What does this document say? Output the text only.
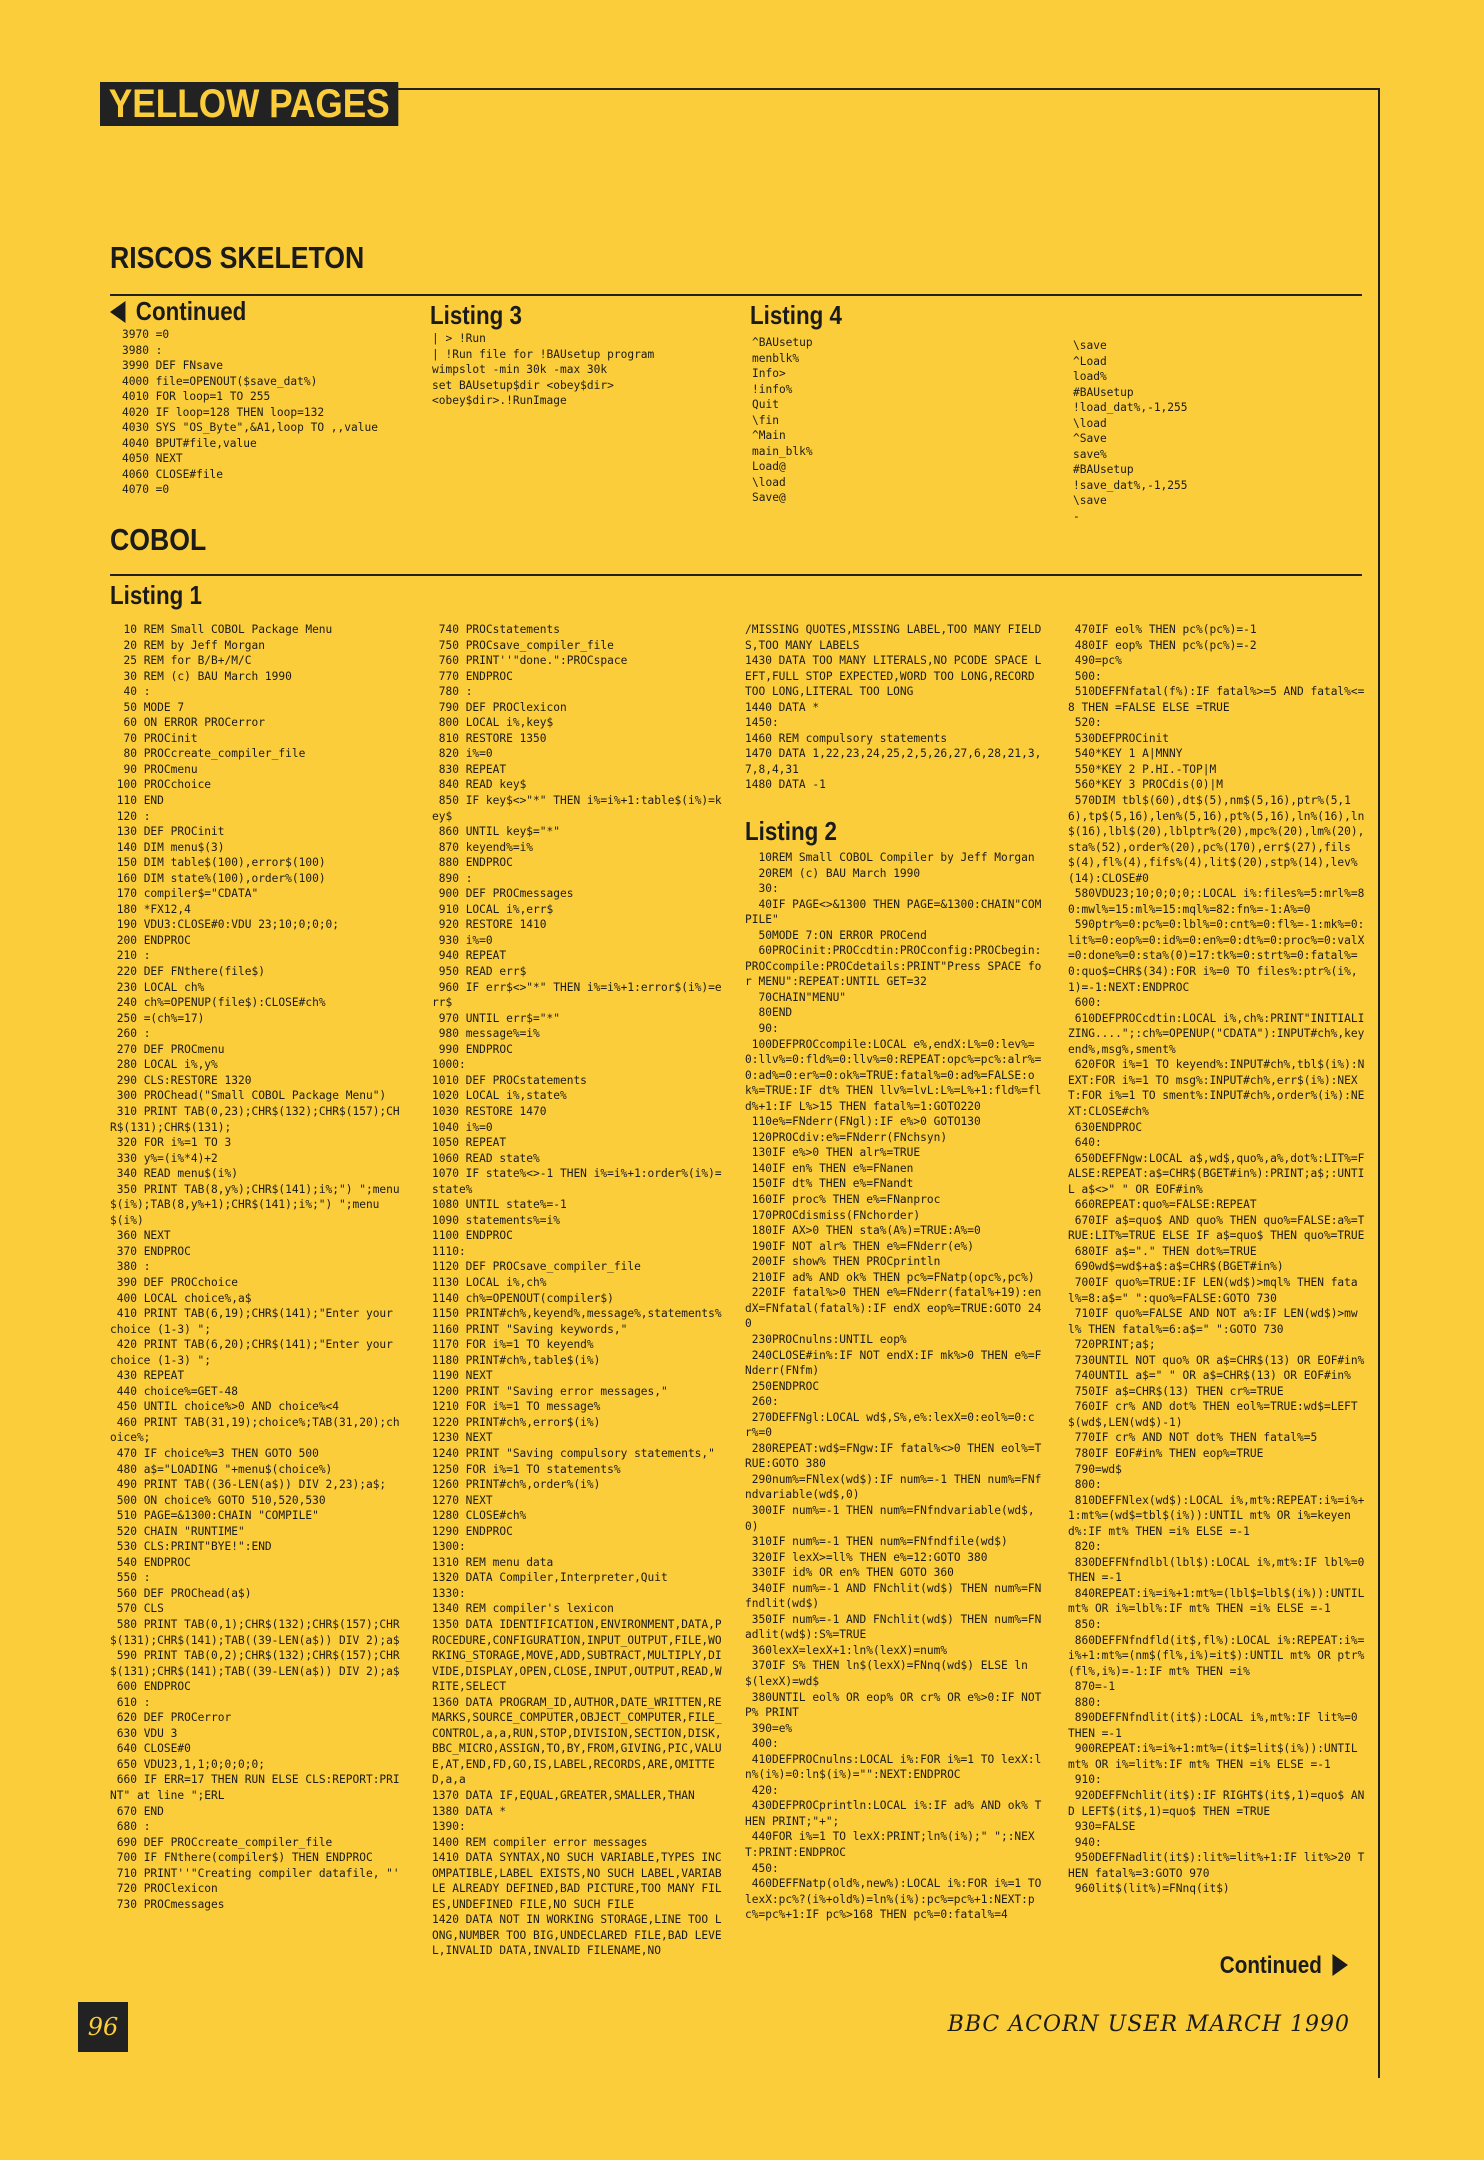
YELLOW PAGES
RISCOS SKELETON
Continued
3970 =0
3980 :
3990 DEF FNsave
4000 file=OPENOUT($save_dat%)
4010 FOR loop=1 TO 255
4020 IF loop=128 THEN loop=132
4030 SYS "OS_Byte",&A1,loop TO ,,value
4040 BPUT#file,value
4050 NEXT
4060 CLOSE#file
4070 =0
Listing 3
| > !Run
| !Run file for !BAUsetup program
wimpslot -min 30k -max 30k
set BAUsetup$dir <obey$dir>
<obey$dir>.!RunImage
Listing 4
^BAUsetup
menblk%
Info>
!info%
Quit
\fin
^Main
main_blk%
Load@
\load
Save@
\save
^Load
load%
#BAUsetup
!load_dat%,-1,255
\load
^Save
save%
#BAUsetup
!save_dat%,-1,255
\save
-
COBOL
Listing 1
10 REM Small COBOL Package Menu
20 REM by Jeff Morgan
25 REM for B/B+/M/C
30 REM (c) BAU March 1990
40 :
50 MODE 7
60 ON ERROR PROCerror
70 PROCinit
80 PROCcreate_compiler_file
90 PROCmenu
100 PROCchoice
110 END
120 :
130 DEF PROCinit
140 DIM menu$(3)
150 DIM table$(100),error$(100)
160 DIM state%(100),order%(100)
170 compiler$="CDATA"
180 *FX12,4
190 VDU3:CLOSE#0:VDU 23;10;0;0;0;
200 ENDPROC
210 :
220 DEF FNthere(file$)
230 LOCAL ch%
240 ch%=OPENUP(file$):CLOSE#ch%
250 =(ch%=17)
260 :
270 DEF PROCmenu
280 LOCAL i%,y%
290 CLS:RESTORE 1320
300 PROChead("Small COBOL Package Menu")
310 PRINT TAB(0,23);CHR$(132);CHR$(157);CHR$(131);CHR$(131);
320 FOR i%=1 TO 3
330 y%=(i%*4)+2
340 READ menu$(i%)
350 PRINT TAB(8,y%);CHR$(141);i%;") ";menu$(i%);TAB(8,y%+1);CHR$(141);i%;") ";menu$(i%)
360 NEXT
370 ENDPROC
380 :
390 DEF PROCchoice
400 LOCAL choice%,a$
410 PRINT TAB(6,19);CHR$(141);"Enter your choice (1-3) ";
420 PRINT TAB(6,20);CHR$(141);"Enter your choice (1-3) ";
430 REPEAT
440 choice%=GET-48
450 UNTIL choice%>0 AND choice%<4
460 PRINT TAB(31,19);choice%;TAB(31,20);choice%;
470 IF choice%=3 THEN GOTO 500
480 a$="LOADING "+menu$(choice%)
490 PRINT TAB((36-LEN(a$)) DIV 2,23);a$;
500 ON choice% GOTO 510,520,530
510 PAGE=&1300:CHAIN "COMPILE"
520 CHAIN "RUNTIME"
530 CLS:PRINT"BYE!":END
540 ENDPROC
550 :
560 DEF PROChead(a$)
570 CLS
580 PRINT TAB(0,1);CHR$(132);CHR$(157);CHR$(131);CHR$(141);TAB((39-LEN(a$)) DIV 2);a$
590 PRINT TAB(0,2);CHR$(132);CHR$(157);CHR$(131);CHR$(141);TAB((39-LEN(a$)) DIV 2);a$
600 ENDPROC
610 :
620 DEF PROCerror
630 VDU 3
640 CLOSE#0
650 VDU23,1,1;0;0;0;0;
660 IF ERR=17 THEN RUN ELSE CLS:REPORT:PRINT" at line ";ERL
670 END
680 :
690 DEF PROCcreate_compiler_file
700 IF FNthere(compiler$) THEN ENDPROC
710 PRINT''"Creating compiler datafile, "'
720 PROClexicon
730 PROCmessages
740 PROCstatements
750 PROCsave_compiler_file
760 PRINT''"done.":PROCspace
770 ENDPROC
780 :
790 DEF PROClexicon
800 LOCAL i%,key$
810 RESTORE 1350
820 i%=0
830 REPEAT
840 READ key$
850 IF key$<>"*" THEN i%=i%+1:table$(i%)=key$
860 UNTIL key$="*"
870 keyend%=i%
880 ENDPROC
890 :
900 DEF PROCmessages
910 LOCAL i%,err$
920 RESTORE 1410
930 i%=0
940 REPEAT
950 READ err$
960 IF err$<>"*" THEN i%=i%+1:error$(i%)=err$
970 UNTIL err$="*"
980 message%=i%
990 ENDPROC
1000:
1010 DEF PROCstatements
1020 LOCAL i%,state%
1030 RESTORE 1470
1040 i%=0
1050 REPEAT
1060 READ state%
1070 IF state%<>-1 THEN i%=i%+1:order%(i%)=state%
1080 UNTIL state%=-1
1090 statements%=i%
1100 ENDPROC
1110:
1120 DEF PROCsave_compiler_file
1130 LOCAL i%,ch%
1140 ch%=OPENOUT(compiler$)
1150 PRINT#ch%,keyend%,message%,statements%
1160 PRINT "Saving keywords,"
1170 FOR i%=1 TO keyend%
1180 PRINT#ch%,table$(i%)
1190 NEXT
1200 PRINT "Saving error messages,"
1210 FOR i%=1 TO message%
1220 PRINT#ch%,error$(i%)
1230 NEXT
1240 PRINT "Saving compulsory statements,"
1250 FOR i%=1 TO statements%
1260 PRINT#ch%,order%(i%)
1270 NEXT
1280 CLOSE#ch%
1290 ENDPROC
1300:
1310 REM menu data
1320 DATA Compiler,Interpreter,Quit
1330:
1340 REM compiler's lexicon
1350 DATA IDENTIFICATION,ENVIRONMENT,DATA,PROCEDURE,CONFIGURATION,INPUT_OUTPUT,FILE,WORKING_STORAGE,MOVE,ADD,SUBTRACT,MULTIPLY,DIVIDE,DISPLAY,OPEN,CLOSE,INPUT,OUTPUT,READ,WRITE,SELECT
1360 DATA PROGRAM_ID,AUTHOR,DATE_WRITTEN,REMARKS,SOURCE_COMPUTER,OBJECT_COMPUTER,FILE_CONTROL,a,a,RUN,STOP,DIVISION,SECTION,DISK,BBC_MICRO,ASSIGN,TO,BY,FROM,GIVING,PIC,VALUE,AT,END,FD,GO,IS,LABEL,RECORDS,ARE,OMITTED,a,a
1370 DATA IF,EQUAL,GREATER,SMALLER,THAN
1380 DATA *
1390:
1400 REM compiler error messages
1410 DATA SYNTAX,NO SUCH VARIABLE,TYPES INCOMPATIBLE,LABEL EXISTS,NO SUCH LABEL,VARIABLE ALREADY DEFINED,BAD PICTURE,TOO MANY FILES,UNDEFINED FILE,NO SUCH FILE
1420 DATA NOT IN WORKING STORAGE,LINE TOO LONG,NUMBER TOO BIG,UNDECLARED FILE,BAD LEVEL,INVALID DATA,INVALID FILENAME,NO
/MISSING QUOTES,MISSING LABEL,TOO MANY FIELDS,TOO MANY LABELS
1430 DATA TOO MANY LITERALS,NO PCODE SPACE LEFT,FULL STOP EXPECTED,WORD TOO LONG,RECORD TOO LONG,LITERAL TOO LONG
1440 DATA *
1450:
1460 REM compulsory statements
1470 DATA 1,22,23,24,25,2,5,26,27,6,28,21,3,7,8,4,31
1480 DATA -1
Listing 2
10REM Small COBOL Compiler by Jeff Morgan
20REM (c) BAU March 1990
30:
40IF PAGE<>&1300 THEN PAGE=&1300:CHAIN"COMPILE"
50MODE 7:ON ERROR PROCend
60PROCinit:PROCcdtin:PROCconfig:PROCbegin:PROCcompile:PROCdetails:PRINT"Press SPACE for MENU":REPEAT:UNTIL GET=32
70CHAIN"MENU"
80END
90:
100DEFPROCcompile:LOCAL e%,endX:L%=0:lev%=0:llv%=0:fld%=0:llv%=0:REPEAT:opc%=pc%:alr%=0:ad%=0:er%=0:ok%=TRUE:fatal%=0:ad%=FALSE:ok%=TRUE:IF dt% THEN llv%=lvL:L%=L%+1:fld%=fld%+1:IF L%>15 THEN fatal%=1:GOTO220
110e%=FNderr(FNgl):IF e%>0 GOTO130
120PROCdiv:e%=FNderr(FNchsyn)
130IF e%>0 THEN alr%=TRUE
140IF en% THEN e%=FNanen
150IF dt% THEN e%=FNandt
160IF proc% THEN e%=FNanproc
170PROCdismiss(FNchorder)
180IF AX>0 THEN sta%(A%)=TRUE:A%=0
190IF NOT alr% THEN e%=FNderr(e%)
200IF show% THEN PROCprintln
210IF ad% AND ok% THEN pc%=FNatp(opc%,pc%)
220IF fatal%>0 THEN e%=FNderr(fatal%+19):endX=FNfatal(fatal%):IF endX eop%=TRUE:GOTO 240
230PROCnulns:UNTIL eop%
240CLOSE#in%:IF NOT endX:IF mk%>0 THEN e%=FNderr(FNfm)
250ENDPROC
260:
270DEFFNgl:LOCAL wd$,S%,e%:lexX=0:eol%=0:cr%=0
280REPEAT:wd$=FNgw:IF fatal%<>0 THEN eol%=TRUE:GOTO 380
290num%=FNlex(wd$):IF num%=-1 THEN num%=FNfndvariable(wd$,0)
300IF num%=-1 THEN num%=FNfndvariable(wd$,0)
310IF num%=-1 THEN num%=FNfndfile(wd$)
320IF lexX>=ll% THEN e%=12:GOTO 380
330IF id% OR en% THEN GOTO 360
340IF num%=-1 AND FNchlit(wd$) THEN num%=FNfndlit(wd$)
350IF num%=-1 AND FNchlit(wd$) THEN num%=FNadlit(wd$):S%=TRUE
360lexX=lexX+1:ln%(lexX)=num%
370IF S% THEN ln$(lexX)=FNnq(wd$) ELSE ln$(lexX)=wd$
380UNTIL eol% OR eop% OR cr% OR e%>0:IF NOT P% PRINT
390=e%
400:
410DEFPROCnulns:LOCAL i%:FOR i%=1 TO lexX:ln%(i%)=0:ln$(i%)="":NEXT:ENDPROC
420:
430DEFPROCprintln:LOCAL i%:IF ad% AND ok% THEN PRINT;"+";
440FOR i%=1 TO lexX:PRINT;ln%(i%);" ";:NEXT:PRINT:ENDPROC
450:
460DEFFNatp(old%,new%):LOCAL i%:FOR i%=1 TO lexX:pc%?(i%+old%)=ln%(i%):pc%=pc%+1:NEXT:pc%=pc%+1:IF pc%>168 THEN pc%=0:fatal%=4
470IF eol% THEN pc%(pc%)=-1
480IF eop% THEN pc%(pc%)=-2
490=pc%
500:
510DEFFNfatal(f%):IF fatal%>=5 AND fatal%<=8 THEN =FALSE ELSE =TRUE
520:
530DEFPROCinit
540*KEY 1 A|MNNY
550*KEY 2 P.HI.-TOP|M
560*KEY 3 PROCdis(0)|M
570DIM tbl$(60),dt$(5),nm$(5,16),ptr%(5,16),tp$(5,16),len%(5,16),pt%(5,16),ln%(16),ln$(16),lbl$(20),lblptr%(20),mpc%(20),lm%(20),sta%(52),order%(20),pc%(170),err$(27),fils$(4),fl%(4),fifs%(4),lit$(20),stp%(14),lev%(14):CLOSE#0
580VDU23;10;0;0;0;:LOCAL i%:files%=5:mrl%=80:mwl%=15:ml%=15:mql%=82:fn%=-1:A%=0
590ptr%=0:pc%=0:lbl%=0:cnt%=0:fl%=-1:mk%=0:lit%=0:eop%=0:id%=0:en%=0:dt%=0:proc%=0:valX=0:done%=0:sta%(0)=17:tk%=0:strt%=0:fatal%=0:quo$=CHR$(34):FOR i%=0 TO files%:ptr%(i%,1)=-1:NEXT:ENDPROC
600:
610DEFPROCcdtin:LOCAL i%,ch%:PRINT"INITIALIZING....";:ch%=OPENUP("CDATA"):INPUT#ch%,keyend%,msg%,sment%
620FOR i%=1 TO keyend%:INPUT#ch%,tbl$(i%):NEXT:FOR i%=1 TO msg%:INPUT#ch%,err$(i%):NEXT:FOR i%=1 TO sment%:INPUT#ch%,order%(i%):NEXT:CLOSE#ch%
630ENDPROC
640:
650DEFFNgw:LOCAL a$,wd$,quo%,a%,dot%:LIT%=FALSE:REPEAT:a$=CHR$(BGET#in%):PRINT;a$;:UNTIL a$<>" " OR EOF#in%
660REPEAT:quo%=FALSE:REPEAT
670IF a$=quo$ AND quo% THEN quo%=FALSE:a%=TRUE:LIT%=TRUE ELSE IF a$=quo$ THEN quo%=TRUE
680IF a$="." THEN dot%=TRUE
690wd$=wd$+a$:a$=CHR$(BGET#in%)
700IF quo%=TRUE:IF LEN(wd$)>mql% THEN fatal%=8:a$=" ":quo%=FALSE:GOTO 730
710IF quo%=FALSE AND NOT a%:IF LEN(wd$)>mwl% THEN fatal%=6:a$=" ":GOTO 730
720PRINT;a$;
730UNTIL NOT quo% OR a$=CHR$(13) OR EOF#in%
740UNTIL a$=" " OR a$=CHR$(13) OR EOF#in%
750IF a$=CHR$(13) THEN cr%=TRUE
760IF cr% AND dot% THEN eol%=TRUE:wd$=LEFT$(wd$,LEN(wd$)-1)
770IF cr% AND NOT dot% THEN fatal%=5
780IF EOF#in% THEN eop%=TRUE
790=wd$
800:
810DEFFNlex(wd$):LOCAL i%,mt%:REPEAT:i%=i%+1:mt%=(wd$=tbl$(i%)):UNTIL mt% OR i%=keyend%:IF mt% THEN =i% ELSE =-1
820:
830DEFFNfndlbl(lbl$):LOCAL i%,mt%:IF lbl%=0 THEN =-1
840REPEAT:i%=i%+1:mt%=(lbl$=lbl$(i%)):UNTIL mt% OR i%=lbl%:IF mt% THEN =i% ELSE =-1
850:
860DEFFNfndfld(it$,fl%):LOCAL i%:REPEAT:i%=i%+1:mt%=(nm$(fl%,i%)=it$):UNTIL mt% OR ptr%(fl%,i%)=-1:IF mt% THEN =i%
870=-1
880:
890DEFFNfndlit(it$):LOCAL i%,mt%:IF lit%=0 THEN =-1
900REPEAT:i%=i%+1:mt%=(it$=lit$(i%)):UNTIL mt% OR i%=lit%:IF mt% THEN =i% ELSE =-1
910:
920DEFFNchlit(it$):IF RIGHT$(it$,1)=quo$ AND LEFT$(it$,1)=quo$ THEN =TRUE
930=FALSE
940:
950DEFFNadlit(it$):lit%=lit%+1:IF lit%>20 THEN fatal%=3:GOTO 970
960lit$(lit%)=FNnq(it$)
Continued
96	BBC ACORN USER MARCH 1990
